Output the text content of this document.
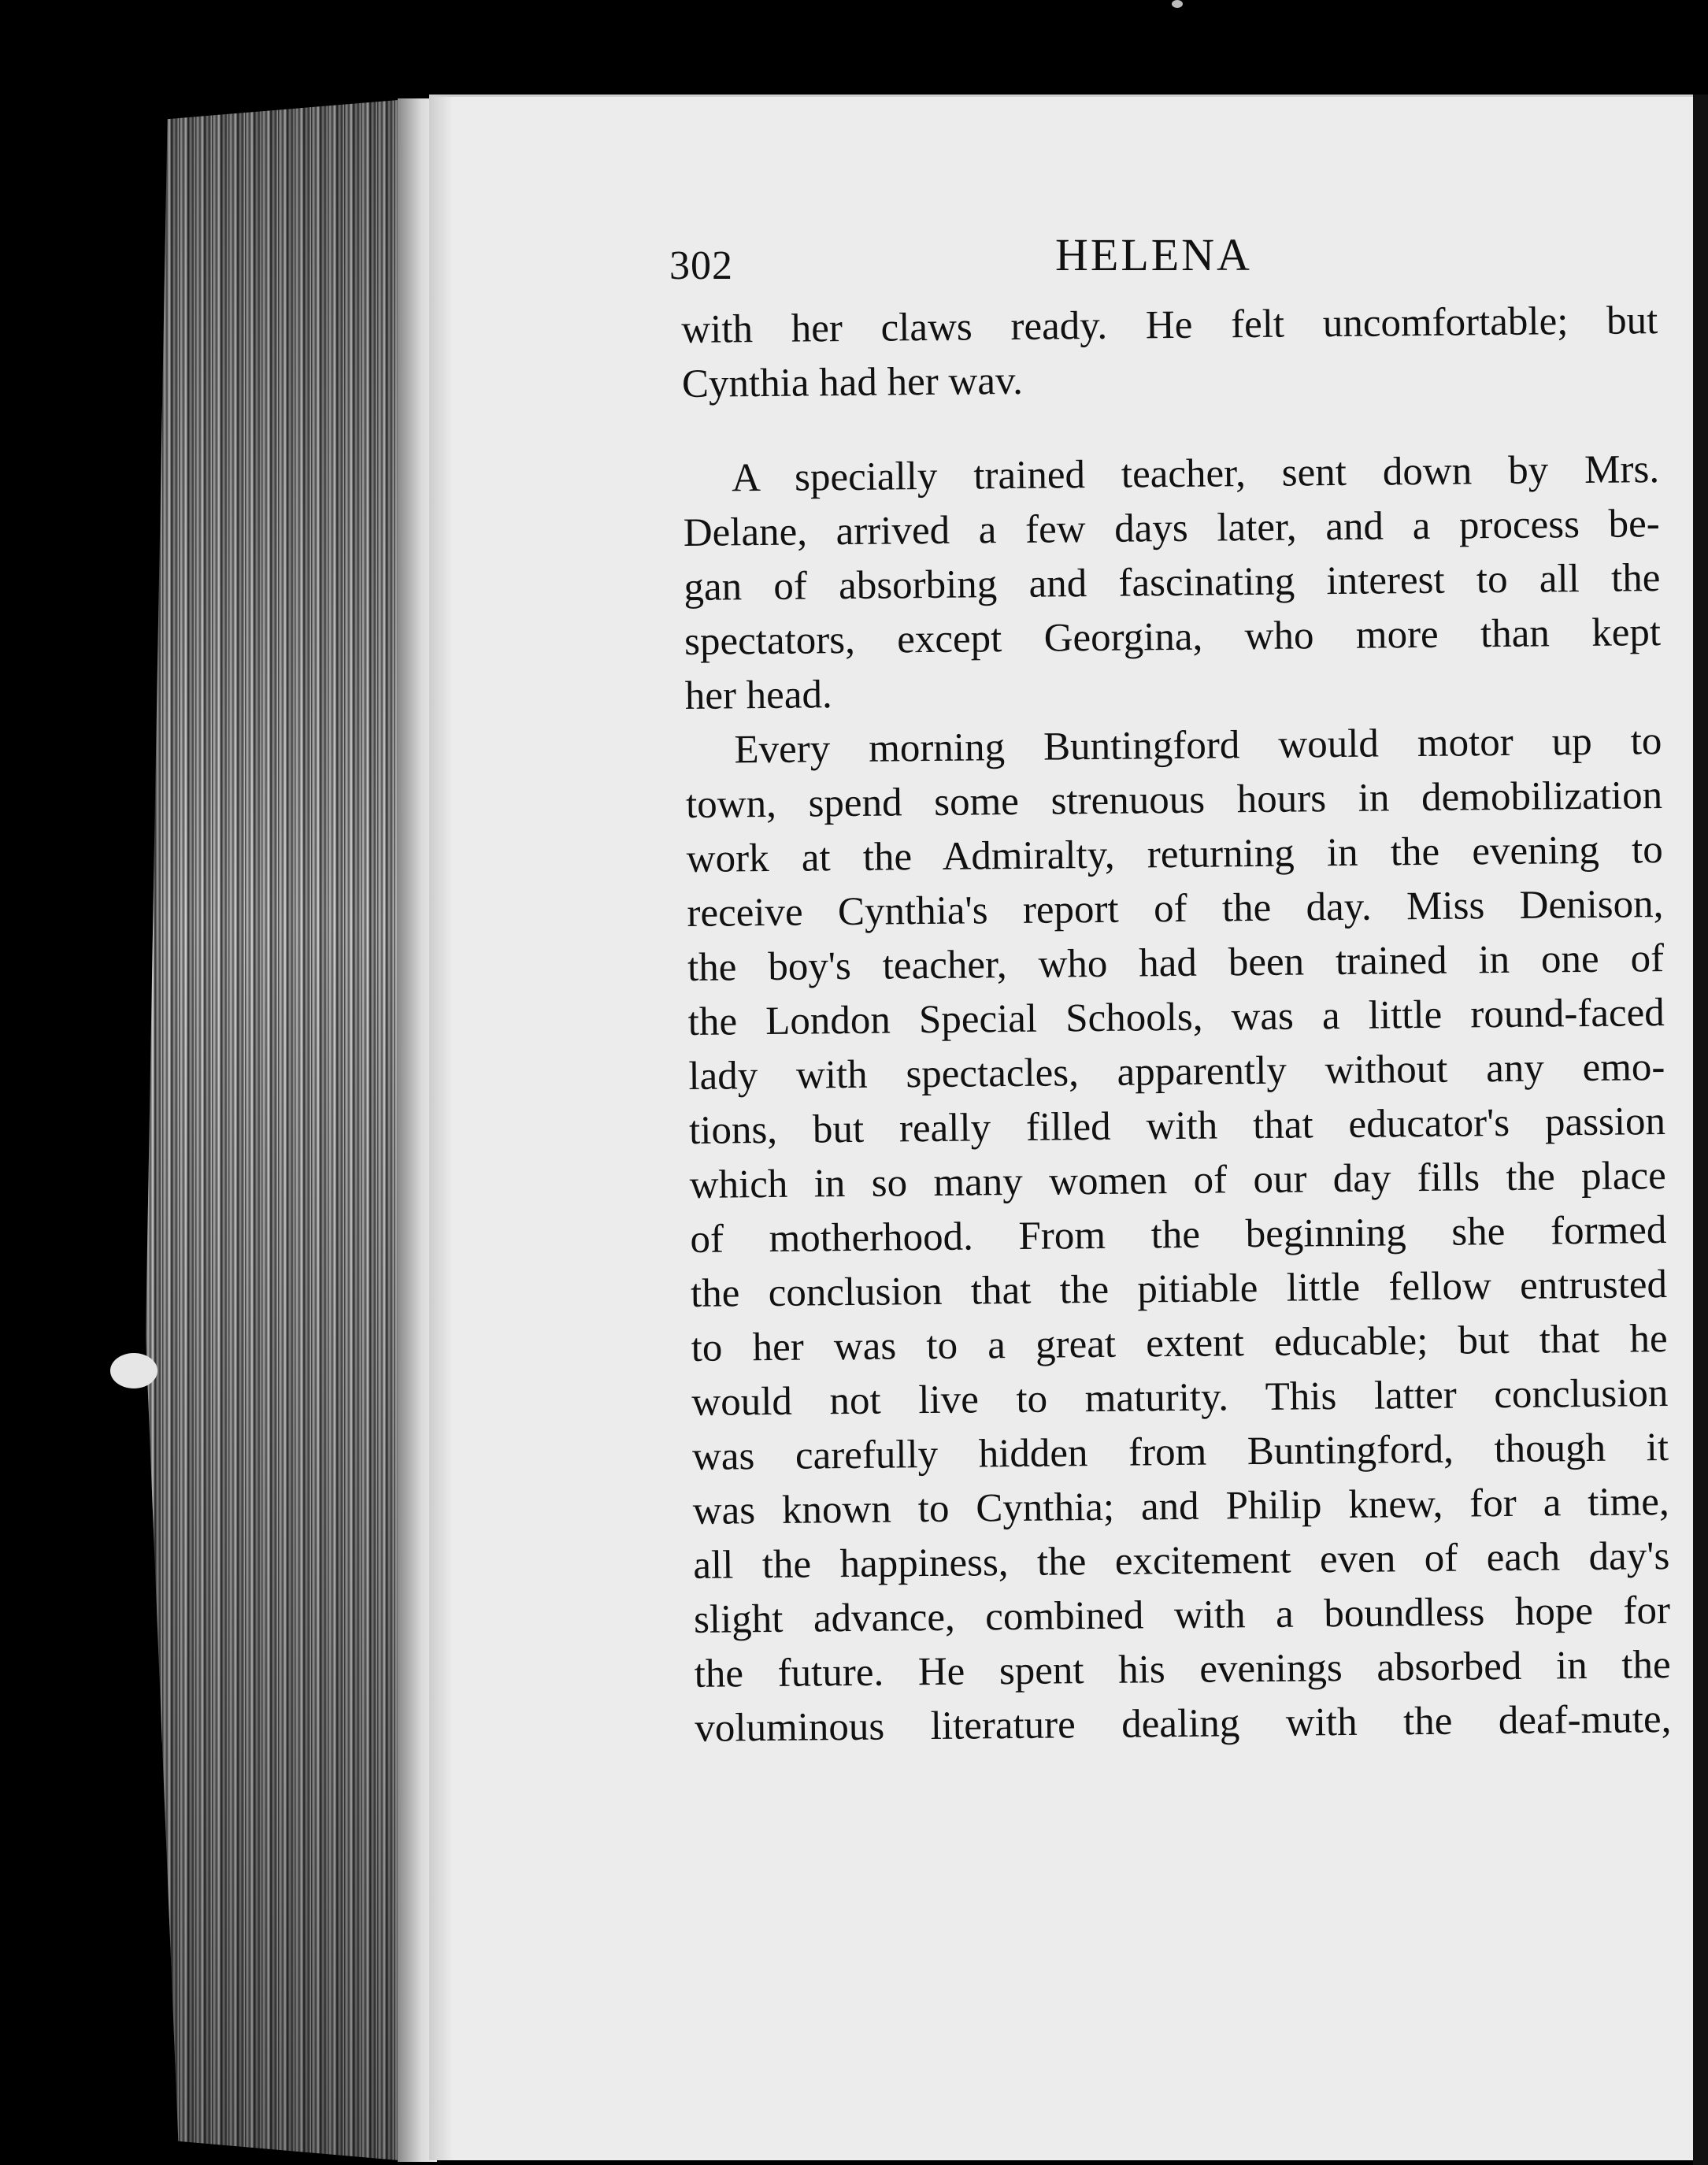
302	HELENA
with her claws ready. He felt uncomfortable; but
Cynthia had her wav.
A specially trained teacher, sent down by Mrs.
Delane, arrived a few days later, and a process be-
gan of absorbing and fascinating interest to all the
spectators, except Georgina, who more than kept
her head.
Every morning Buntingford would motor up to
town, spend some strenuous hours in demobilization
work at the Admiralty, returning in the evening to
receive Cynthia's report of the day. Miss Denison,
the boy's teacher, who had been trained in one of
the London Special Schools, was a little round-faced
lady with spectacles, apparently without any emo-
tions, but really filled with that educator's passion
which in so many women of our day fills the place
of motherhood. From the beginning she formed
the conclusion that the pitiable little fellow entrusted
to her was to a great extent educable; but that he
would not live to maturity. This latter conclusion
was carefully hidden from Buntingford, though it
was known to Cynthia; and Philip knew, for a time,
all the happiness, the excitement even of each day's
slight advance, combined with a boundless hope for
the future. He spent his evenings absorbed in the
voluminous literature dealing with the deaf-mute,
